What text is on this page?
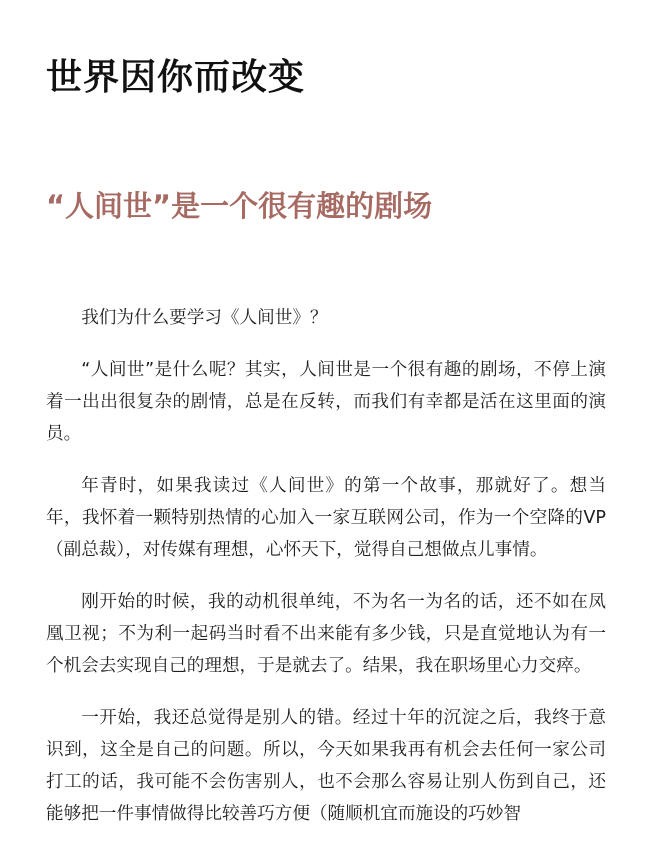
世界因你而改变
“人间世”是一个很有趣的剧场

我们为什么要学习《人间世》？

“人间世”是什么呢？其实，人间世是一个很有趣的剧场，不停上演着一出出很复杂的剧情，总是在反转，而我们有幸都是活在这里面的演员。

年青时，如果我读过《人间世》的第一个故事，那就好了。想当年，我怀着一颗特别热情的心加入一家互联网公司，作为一个空降的VP（副总裁），对传媒有理想，心怀天下，觉得自己想做点儿事情。

刚开始的时候，我的动机很单纯，不为名一为名的话，还不如在凤凰卫视；不为利一起码当时看不出来能有多少钱，只是直觉地认为有一个机会去实现自己的理想，于是就去了。结果，我在职场里心力交瘁。

一开始，我还总觉得是别人的错。经过十年的沉淀之后，我终于意识到，这全是自己的问题。所以，今天如果我再有机会去任何一家公司打工的话，我可能不会伤害别人，也不会那么容易让别人伤到自己，还能够把一件事情做得比较善巧方便（随顺机宜而施设的巧妙智
